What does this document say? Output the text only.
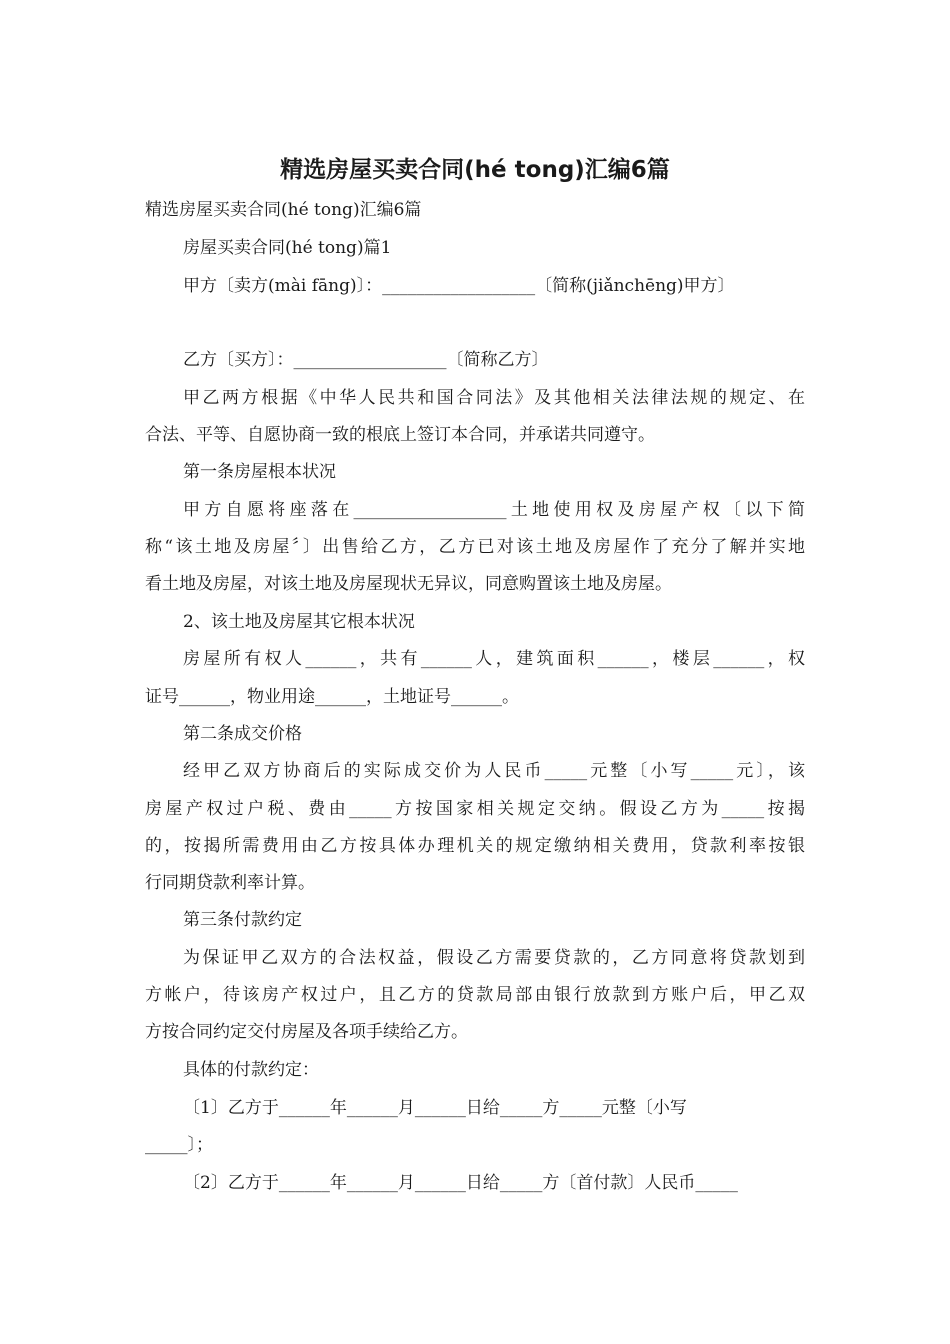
精选房屋买卖合同(hé tong)汇编6篇
精选房屋买卖合同(hé tong)汇编6篇
房屋买卖合同(hé tong)篇1
甲方〔卖方(mài fāng)〕：__________________〔简称(jiǎnchēng)甲方〕
乙方〔买方〕：__________________〔简称乙方〕
甲乙两方根据《中华人民共和国合同法》及其他相关法律法规的规定、在
合法、平等、自愿协商一致的根底上签订本合同，并承诺共同遵守。
第一条房屋根本状况
甲方自愿将座落在__________________土地使用权及房屋产权〔以下简
称“该土地及房屋〞〕出售给乙方，乙方已对该土地及房屋作了充分了解并实地
看土地及房屋，对该土地及房屋现状无异议，同意购置该土地及房屋。
2、该土地及房屋其它根本状况
房屋所有权人______，共有______人，建筑面积______，楼层______，权
证号______，物业用途______，土地证号______。
第二条成交价格
经甲乙双方协商后的实际成交价为人民币_____元整〔小写_____元〕，该
房屋产权过户税、费由_____方按国家相关规定交纳。假设乙方为_____按揭
的，按揭所需费用由乙方按具体办理机关的规定缴纳相关费用，贷款利率按银
行同期贷款利率计算。
第三条付款约定
为保证甲乙双方的合法权益，假设乙方需要贷款的，乙方同意将贷款划到
方帐户，待该房产权过户，且乙方的贷款局部由银行放款到方账户后，甲乙双
方按合同约定交付房屋及各项手续给乙方。
具体的付款约定：
〔1〕乙方于______年______月______日给_____方_____元整〔小写
_____〕；
〔2〕乙方于______年______月______日给_____方〔首付款〕人民币_____
